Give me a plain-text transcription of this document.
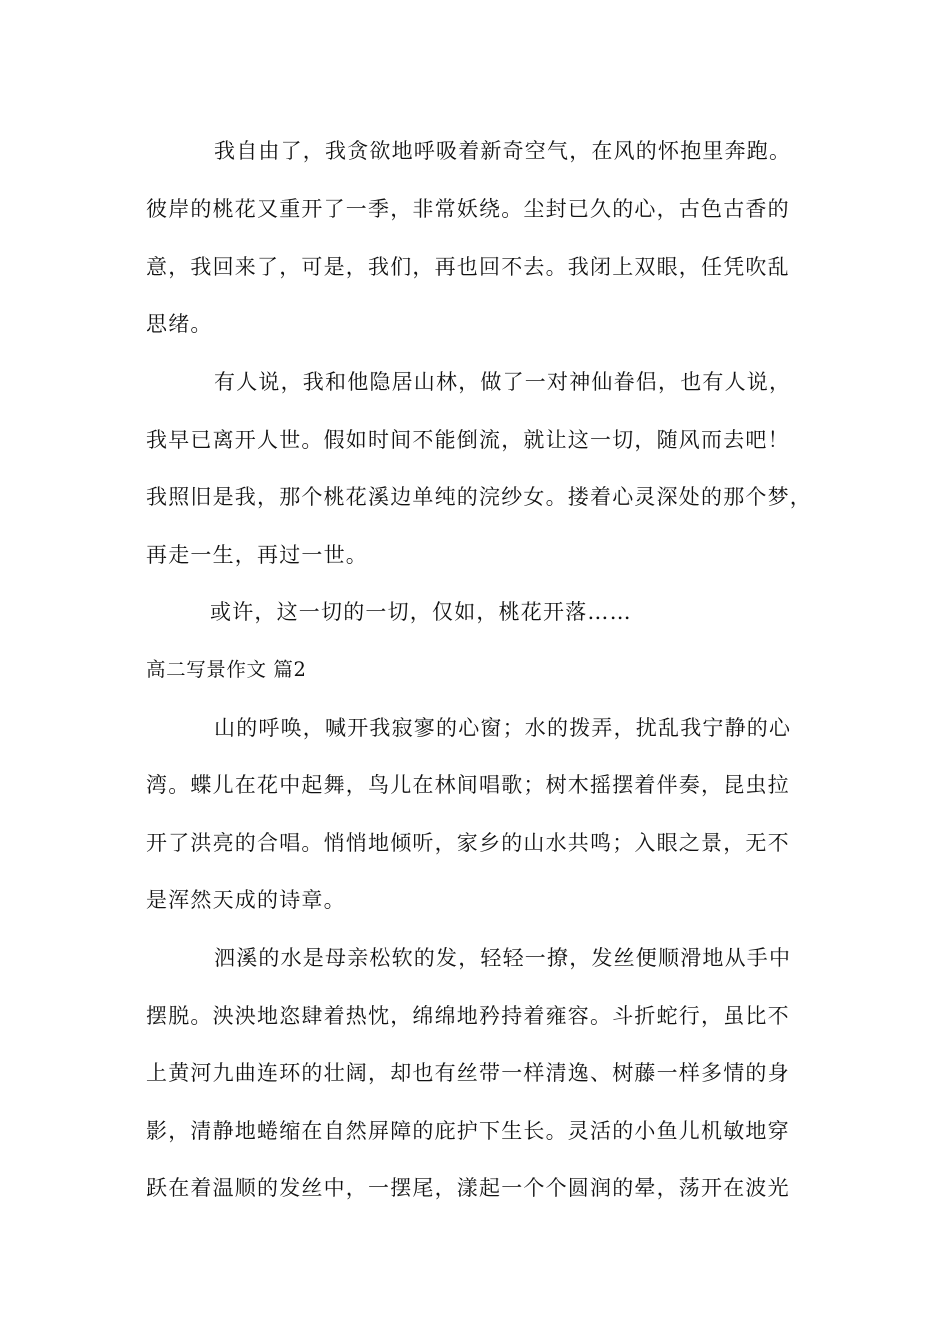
我自由了，我贪欲地呼吸着新奇空气，在风的怀抱里奔跑。
彼岸的桃花又重开了一季，非常妖绕。尘封已久的心，古色古香的
意，我回来了，可是，我们，再也回不去。我闭上双眼，任凭吹乱
思绪。
有人说，我和他隐居山林，做了一对神仙眷侣，也有人说，
我早已离开人世。假如时间不能倒流，就让这一切，随风而去吧！
我照旧是我，那个桃花溪边单纯的浣纱女。搂着心灵深处的那个梦，
再走一生，再过一世。
或许，这一切的一切，仅如，桃花开落……
高二写景作文 篇2
山的呼唤，喊开我寂寥的心窗；水的拨弄，扰乱我宁静的心
湾。蝶儿在花中起舞，鸟儿在林间唱歌；树木摇摆着伴奏，昆虫拉
开了洪亮的合唱。悄悄地倾听，家乡的山水共鸣；入眼之景，无不
是浑然天成的诗章。
泗溪的水是母亲松软的发，轻轻一撩，发丝便顺滑地从手中
摆脱。泱泱地恣肆着热忱，绵绵地矜持着雍容。斗折蛇行，虽比不
上黄河九曲连环的壮阔，却也有丝带一样清逸、树藤一样多情的身
影，清静地蜷缩在自然屏障的庇护下生长。灵活的小鱼儿机敏地穿
跃在着温顺的发丝中，一摆尾，漾起一个个圆润的晕，荡开在波光
